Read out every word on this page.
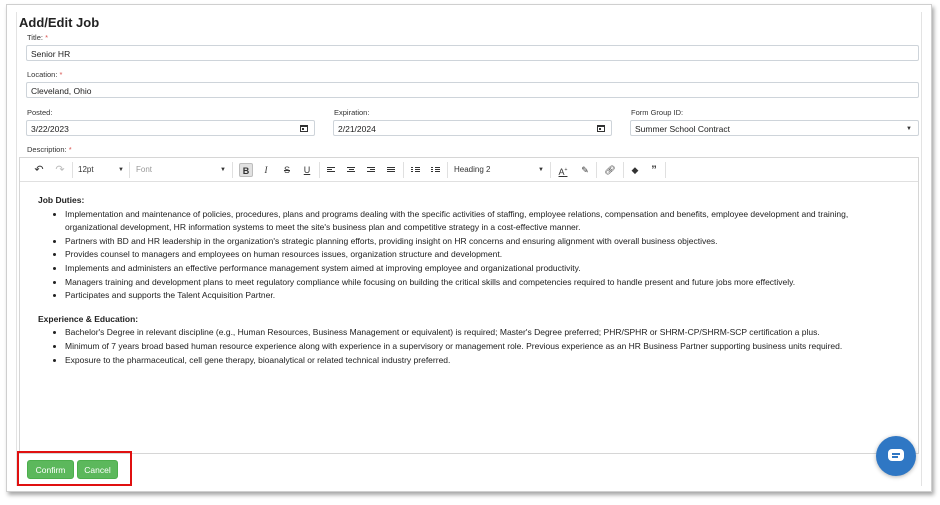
Add/Edit Job
Title: *
Senior HR
Location: *
Cleveland, Ohio
Posted:
3/22/2023
Expiration:
2/21/2024
Form Group ID:
Summer School Contract	▼
Description: *
↶ ↷ 12pt	▼ Font	▼	B	I	S U	Heading 2	▼ A+ ✎ 🔗︎ ◆ ”
Job Duties:
• Implementation and maintenance of policies, procedures, plans and programs dealing with the specific activities of staffing, employee relations, compensation and benefits, employee development and training, organizational development, HR information systems to meet the site's business plan and competitive strategy in a cost-effective manner.
• Partners with BD and HR leadership in the organization's strategic planning efforts, providing insight on HR concerns and ensuring alignment with overall business objectives.
• Provides counsel to managers and employees on human resources issues, organization structure and development.
• Implements and administers an effective performance management system aimed at improving employee and organizational productivity.
• Managers training and development plans to meet regulatory compliance while focusing on building the critical skills and competencies required to handle present and future jobs more effectively.
• Participates and supports the Talent Acquisition Partner.
Experience & Education:
• Bachelor's Degree in relevant discipline (e.g., Human Resources, Business Management or equivalent) is required; Master's Degree preferred; PHR/SPHR or SHRM-CP/SHRM-SCP certification a plus.
• Minimum of 7 years broad based human resource experience along with experience in a supervisory or management role. Previous experience as an HR Business Partner supporting business units required.
• Exposure to the pharmaceutical, cell gene therapy, bioanalytical or related technical industry preferred.
Confirm	Cancel
